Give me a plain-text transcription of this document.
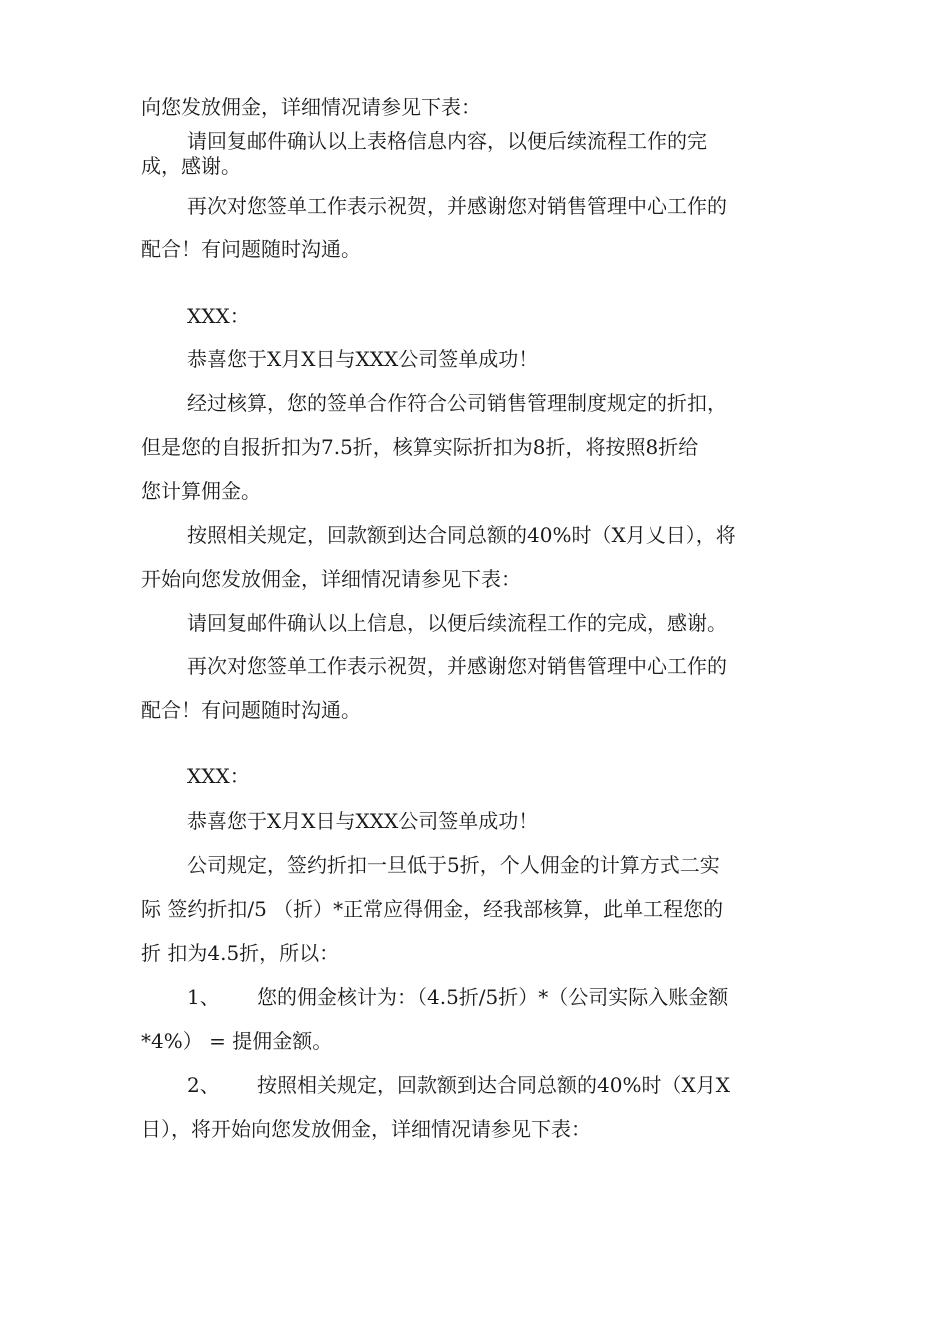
向您发放佣金，详细情况请参见下表：
请回复邮件确认以上表格信息内容，以便后续流程工作的完
成，感谢。
再次对您签单工作表示祝贺，并感谢您对销售管理中心工作的
配合！有问题随时沟通。
XXX：
恭喜您于X月X日与XXX公司签单成功！
经过核算，您的签单合作符合公司销售管理制度规定的折扣，
但是您的自报折扣为7.5折，核算实际折扣为8折，将按照8折给
您计算佣金。
按照相关规定，回款额到达合同总额的40%时（X月乂日），将
开始向您发放佣金，详细情况请参见下表：
请回复邮件确认以上信息，以便后续流程工作的完成，感谢。
再次对您签单工作表示祝贺，并感谢您对销售管理中心工作的
配合！有问题随时沟通。
XXX：
恭喜您于X月X日与XXX公司签单成功！
公司规定，签约折扣一旦低于5折，个人佣金的计算方式二实
际 签约折扣/5 （折）*正常应得佣金，经我部核算，此单工程您的
折 扣为4.5折，所以：
1、 您的佣金核计为：（4.5折/5折）*（公司实际入账金额
*4%） = 提佣金额。
2、 按照相关规定，回款额到达合同总额的40%时（X月X
日），将开始向您发放佣金，详细情况请参见下表：
